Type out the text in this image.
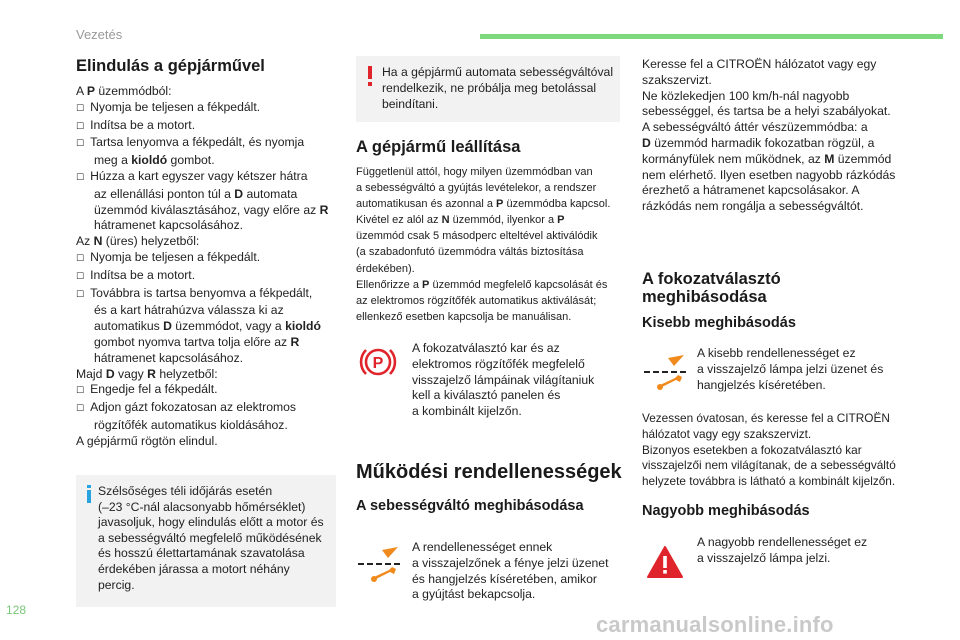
Vezetés
Elindulás a gépjárművel
A P üzemmódból:
☐ Nyomja be teljesen a fékpedált.
☐ Indítsa be a motort.
☐ Tartsa lenyomva a fékpedált, és nyomja
meg a kioldó gombot.
☐ Húzza a kart egyszer vagy kétszer hátra
az ellenállási ponton túl a D automata
üzemmód kiválasztásához, vagy előre az R
hátramenet kapcsolásához.
Az N (üres) helyzetből:
☐ Nyomja be teljesen a fékpedált.
☐ Indítsa be a motort.
☐ Továbbra is tartsa benyomva a fékpedált,
és a kart hátrahúzva válassza ki az
automatikus D üzemmódot, vagy a kioldó
gombot nyomva tartva tolja előre az R
hátramenet kapcsolásához.
Majd D vagy R helyzetből:
☐ Engedje fel a fékpedált.
☐ Adjon gázt fokozatosan az elektromos
rögzítőfék automatikus kioldásához.
A gépjármű rögtön elindul.
Szélsőséges téli időjárás esetén
(–23 °C-nál alacsonyabb hőmérséklet)
javasoljuk, hogy elindulás előtt a motor és
a sebességváltó megfelelő működésének
és hosszú élettartamának szavatolása
érdekében járassa a motort néhány
percig.
Ha a gépjármű automata sebességváltóval
rendelkezik, ne próbálja meg betolással
beindítani.
A gépjármű leállítása
Függetlenül attól, hogy milyen üzemmódban van
a sebességváltó a gyújtás levételekor, a rendszer
automatikusan és azonnal a P üzemmódba kapcsol.
Kivétel ez alól az N üzemmód, ilyenkor a P
üzemmód csak 5 másodperc elteltével aktiválódik
(a szabadonfutó üzemmódra váltás biztosítása
érdekében).
Ellenőrizze a P üzemmód megfelelő kapcsolását és
az elektromos rögzítőfék automatikus aktiválását;
ellenkező esetben kapcsolja be manuálisan.
P
A fokozatválasztó kar és az
elektromos rögzítőfék megfelelő
visszajelző lámpáinak világítaniuk
kell a kiválasztó panelen és
a kombinált kijelzőn.
Működési rendellenességek
A sebességváltó meghibásodása
A rendellenességet ennek
a visszajelzőnek a fénye jelzi üzenet
és hangjelzés kíséretében, amikor
a gyújtást bekapcsolja.
Keresse fel a CITROËN hálózatot vagy egy
szakszervizt.
Ne közlekedjen 100 km/h-nál nagyobb
sebességgel, és tartsa be a helyi szabályokat.
A sebességváltó áttér vészüzemmódba: a
D üzemmód harmadik fokozatban rögzül, a
kormányfülek nem működnek, az M üzemmód
nem elérhető. Ilyen esetben nagyobb rázkódás
érezhető a hátramenet kapcsolásakor. A
rázkódás nem rongálja a sebességváltót.
A fokozatválasztó
meghibásodása
Kisebb meghibásodás
A kisebb rendellenességet ez
a visszajelző lámpa jelzi üzenet és
hangjelzés kíséretében.
Vezessen óvatosan, és keresse fel a CITROËN
hálózatot vagy egy szakszervizt.
Bizonyos esetekben a fokozatválasztó kar
visszajelzői nem világítanak, de a sebességváltó
helyzete továbbra is látható a kombinált kijelzőn.
Nagyobb meghibásodás
A nagyobb rendellenességet ez
a visszajelző lámpa jelzi.
128
carmanualsonline.info
